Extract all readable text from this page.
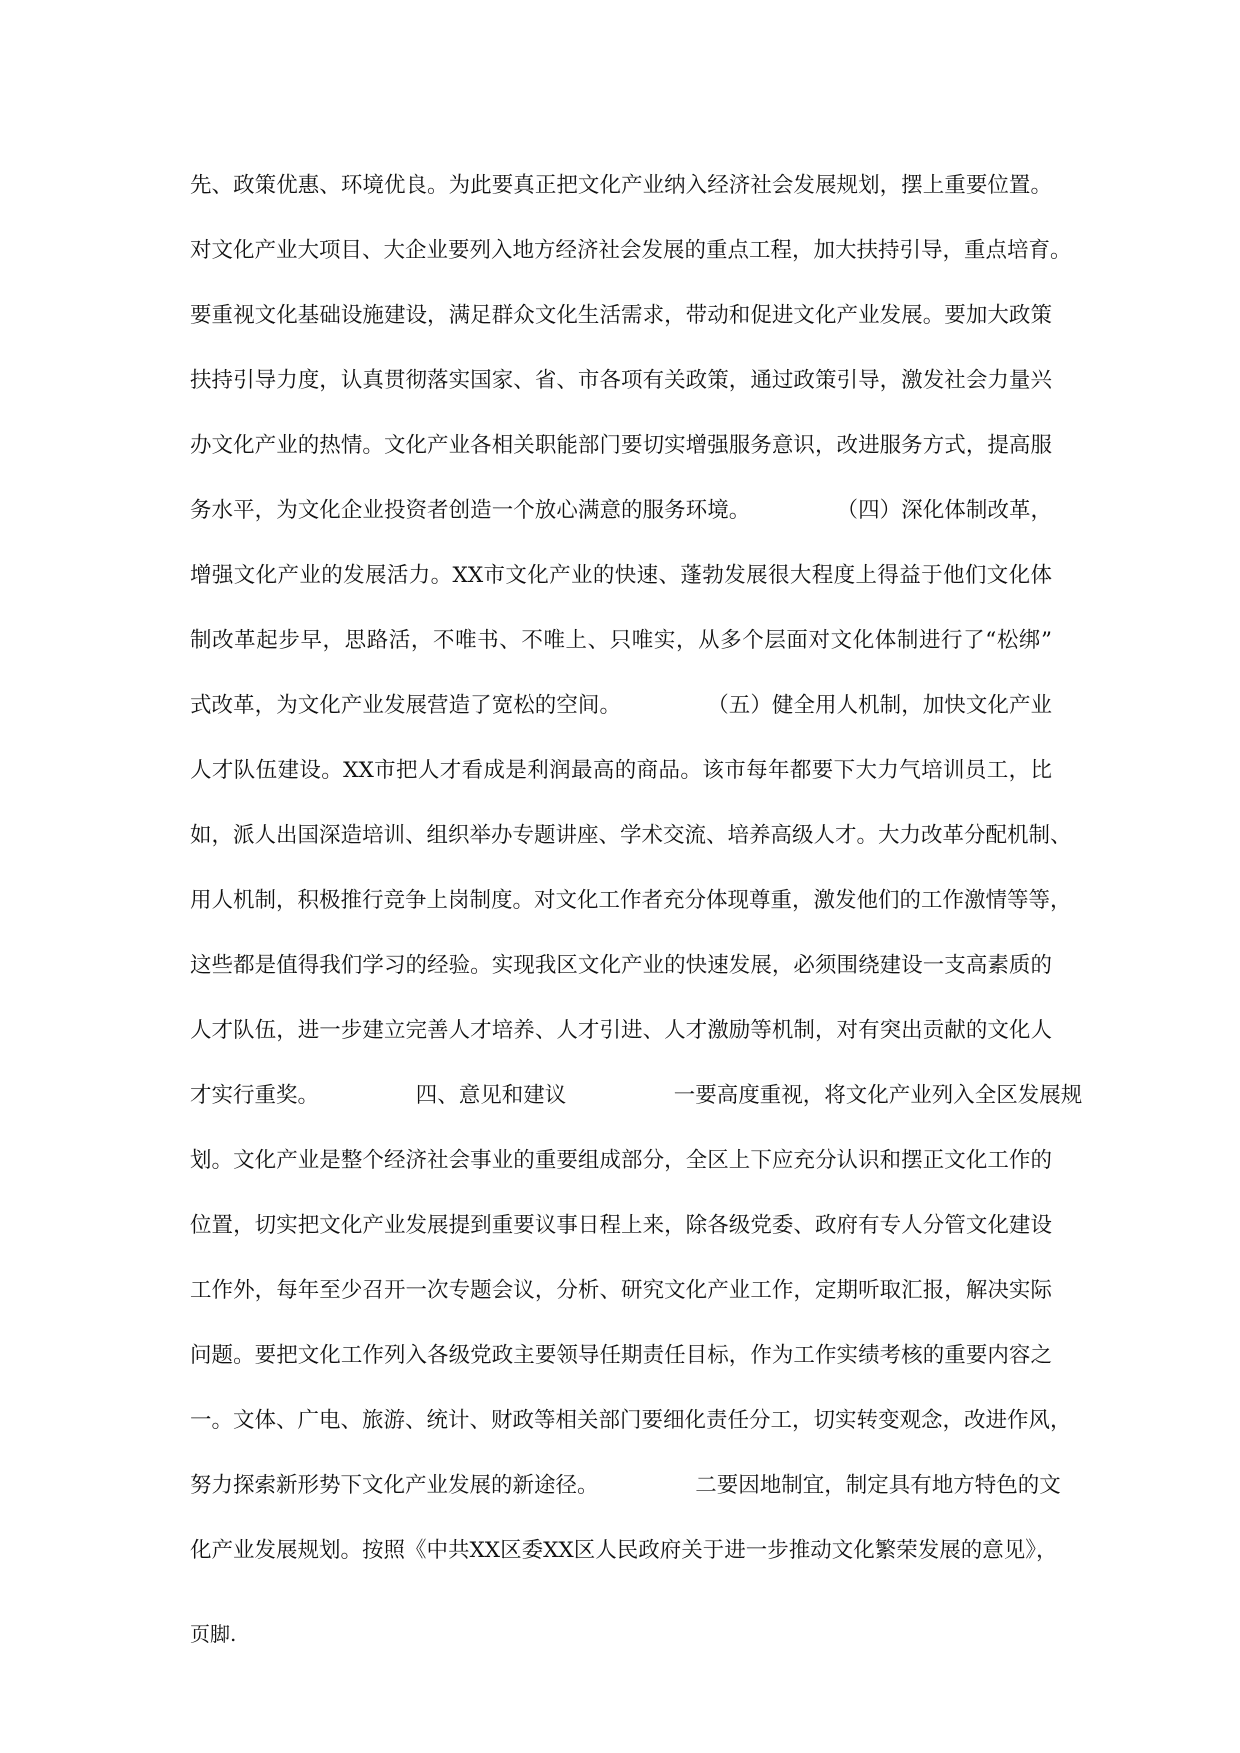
先、政策优惠、环境优良。为此要真正把文化产业纳入经济社会发展规划，摆上重要位置。
对文化产业大项目、大企业要列入地方经济社会发展的重点工程，加大扶持引导，重点培育。
要重视文化基础设施建设，满足群众文化生活需求，带动和促进文化产业发展。要加大政策
扶持引导力度，认真贯彻落实国家、省、市各项有关政策，通过政策引导，激发社会力量兴
办文化产业的热情。文化产业各相关职能部门要切实增强服务意识，改进服务方式，提高服
务水平，为文化企业投资者创造一个放心满意的服务环境。　　　　　（四）深化体制改革，
增强文化产业的发展活力。XX市文化产业的快速、蓬勃发展很大程度上得益于他们文化体
制改革起步早，思路活，不唯书、不唯上、只唯实，从多个层面对文化体制进行了“松绑”
式改革，为文化产业发展营造了宽松的空间。　　　　　（五）健全用人机制，加快文化产业
人才队伍建设。XX市把人才看成是利润最高的商品。该市每年都要下大力气培训员工，比
如，派人出国深造培训、组织举办专题讲座、学术交流、培养高级人才。大力改革分配机制、
用人机制，积极推行竞争上岗制度。对文化工作者充分体现尊重，激发他们的工作激情等等，
这些都是值得我们学习的经验。实现我区文化产业的快速发展，必须围绕建设一支高素质的
人才队伍，进一步建立完善人才培养、人才引进、人才激励等机制，对有突出贡献的文化人
才实行重奖。　　　　　四、意见和建议　　　　　一要高度重视，将文化产业列入全区发展规
划。文化产业是整个经济社会事业的重要组成部分，全区上下应充分认识和摆正文化工作的
位置，切实把文化产业发展提到重要议事日程上来，除各级党委、政府有专人分管文化建设
工作外，每年至少召开一次专题会议，分析、研究文化产业工作，定期听取汇报，解决实际
问题。要把文化工作列入各级党政主要领导任期责任目标，作为工作实绩考核的重要内容之
一。文体、广电、旅游、统计、财政等相关部门要细化责任分工，切实转变观念，改进作风，
努力探索新形势下文化产业发展的新途径。　　　　　二要因地制宜，制定具有地方特色的文
化产业发展规划。按照《中共XX区委XX区人民政府关于进一步推动文化繁荣发展的意见》，

页脚.
